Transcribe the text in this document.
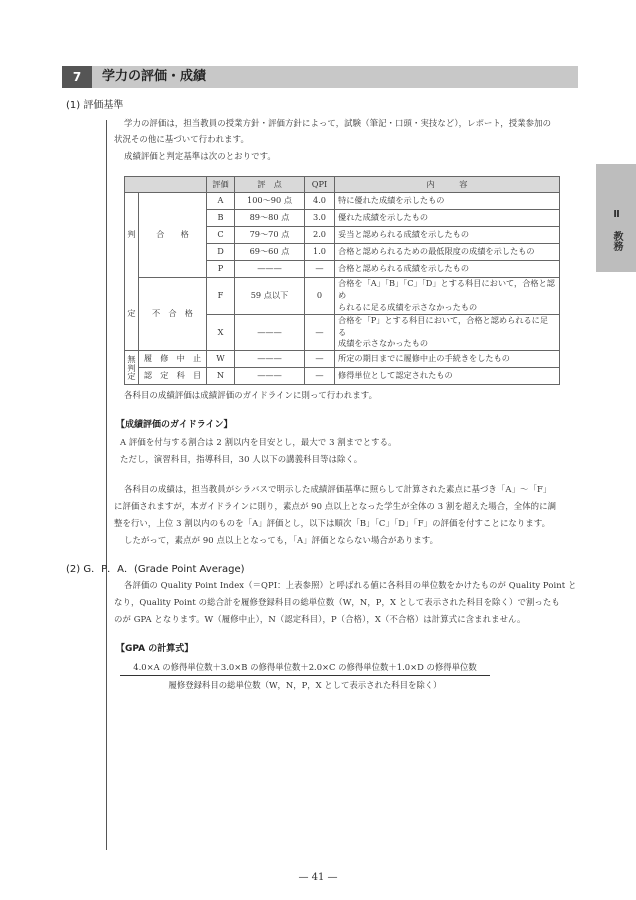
7	学力の評価・成績
Ⅱ 教務
(1) 評価基準
学力の評価は，担当教員の授業方針・評価方針によって，試験（筆記・口頭・実技など），レポート，授業参加の
状況その他に基づいて行われます。
成績評価と判定基準は次のとおりです。
		評価	評　点	QPI	内　　　容
判	合　　格	A	100〜90 点	4.0	特に優れた成績を示したもの
		B	89〜80 点	3.0	優れた成績を示したもの
		C	79〜70 点	2.0	妥当と認められる成績を示したもの
		D	69〜60 点	1.0	合格と認められるための最低限度の成績を示したもの
		P	———	—	合格と認められる成績を示したもの
定	不　合　格	F	59 点以下	0	合格を「A」「B」「C」「D」とする科目において，合格と認め
られるに足る成績を示さなかったもの

		X	———	—	合格を「P」とする科目において，合格と認められるに足る
成績を示さなかったもの

無
判
定	履　修　中　止	W	———	—	所定の期日までに履修中止の手続きをしたもの
	認　定　科　目	N	———	—	修得単位として認定されたもの
各科目の成績評価は成績評価のガイドラインに則って行われます。
【成績評価のガイドライン】
A 評価を付与する割合は 2 割以内を目安とし，最大で 3 割までとする。
ただし，演習科目，指導科目，30 人以下の講義科目等は除く。
各科目の成績は，担当教員がシラバスで明示した成績評価基準に照らして計算された素点に基づき「A」〜「F」
に評価されますが，本ガイドラインに則り，素点が 90 点以上となった学生が全体の 3 割を超えた場合，全体的に調
整を行い，上位 3 割以内のものを「A」評価とし，以下は順次「B」「C」「D」「F」の評価を付すことになります。
したがって，素点が 90 点以上となっても，「A」評価とならない場合があります。
(2) G．P．A．(Grade Point Average)
各評価の Quality Point Index（＝QPI：上表参照）と呼ばれる値に各科目の単位数をかけたものが Quality Point と
なり，Quality Point の総合計を履修登録科目の総単位数（W，N，P，X として表示された科目を除く）で割ったも
のが GPA となります。W（履修中止），N（認定科目），P（合格），X（不合格）は計算式に含まれません。
【GPA の計算式】
4.0×A の修得単位数＋3.0×B の修得単位数＋2.0×C の修得単位数＋1.0×D の修得単位数
履修登録科目の総単位数（W，N，P，X として表示された科目を除く）
— 41 —
